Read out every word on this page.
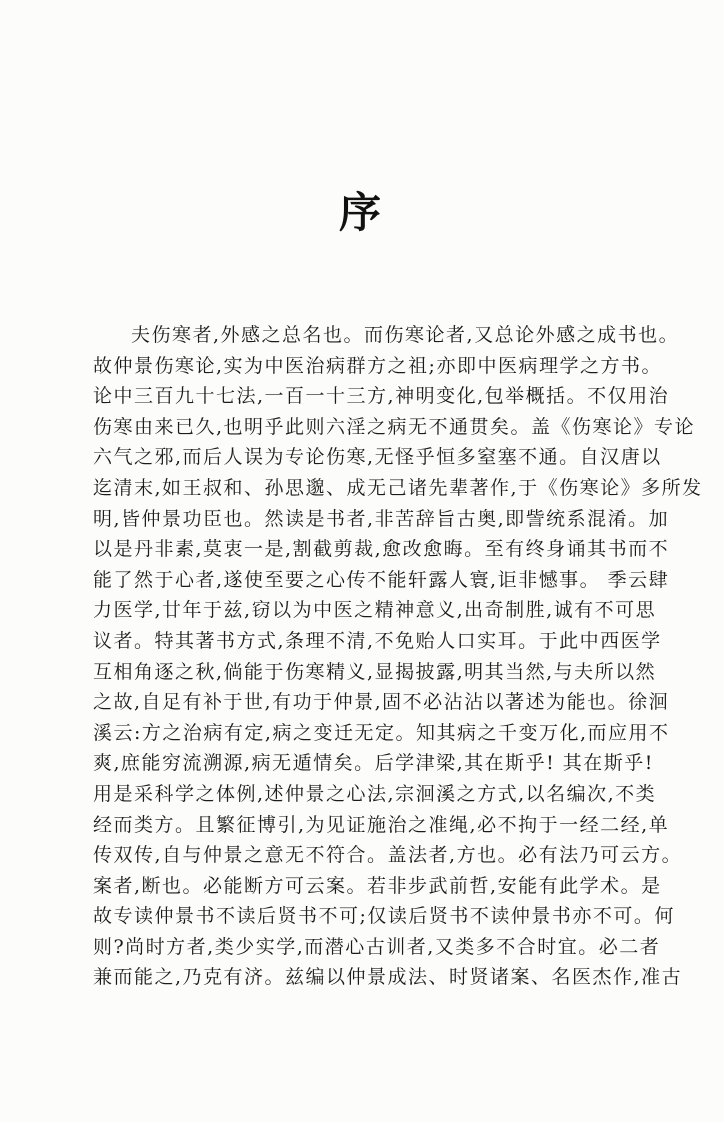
序
夫伤寒者,外感之总名也。而伤寒论者,又总论外感之成书也。
故仲景伤寒论,实为中医治病群方之祖;亦即中医病理学之方书。
论中三百九十七法,一百一十三方,神明变化,包举概括。不仅用治
伤寒由来已久,也明乎此则六淫之病无不通贯矣。盖《伤寒论》专论
六气之邪,而后人误为专论伤寒,无怪乎恒多窒塞不通。自汉唐以
迄清末,如王叔和、孙思邈、成无己诸先辈著作,于《伤寒论》多所发
明,皆仲景功臣也。然读是书者,非苦辞旨古奥,即訾统系混淆。加
以是丹非素,莫衷一是,割截剪裁,愈改愈晦。至有终身诵其书而不
能了然于心者,遂使至要之心传不能轩露人寰,讵非憾事。 季云肆
力医学,廿年于兹,窃以为中医之精神意义,出奇制胜,诚有不可思
议者。特其著书方式,条理不清,不免贻人口实耳。于此中西医学
互相角逐之秋,倘能于伤寒精义,显揭披露,明其当然,与夫所以然
之故,自足有补于世,有功于仲景,固不必沾沾以著述为能也。徐洄
溪云:方之治病有定,病之变迁无定。知其病之千变万化,而应用不
爽,庶能穷流溯源,病无遁情矣。后学津梁,其在斯乎! 其在斯乎!
用是采科学之体例,述仲景之心法,宗洄溪之方式,以名编次,不类
经而类方。且繁征博引,为见证施治之准绳,必不拘于一经二经,单
传双传,自与仲景之意无不符合。盖法者,方也。必有法乃可云方。
案者,断也。必能断方可云案。若非步武前哲,安能有此学术。是
故专读仲景书不读后贤书不可;仅读后贤书不读仲景书亦不可。何
则?尚时方者,类少实学,而潜心古训者,又类多不合时宜。必二者
兼而能之,乃克有济。兹编以仲景成法、时贤诸案、名医杰作,准古
